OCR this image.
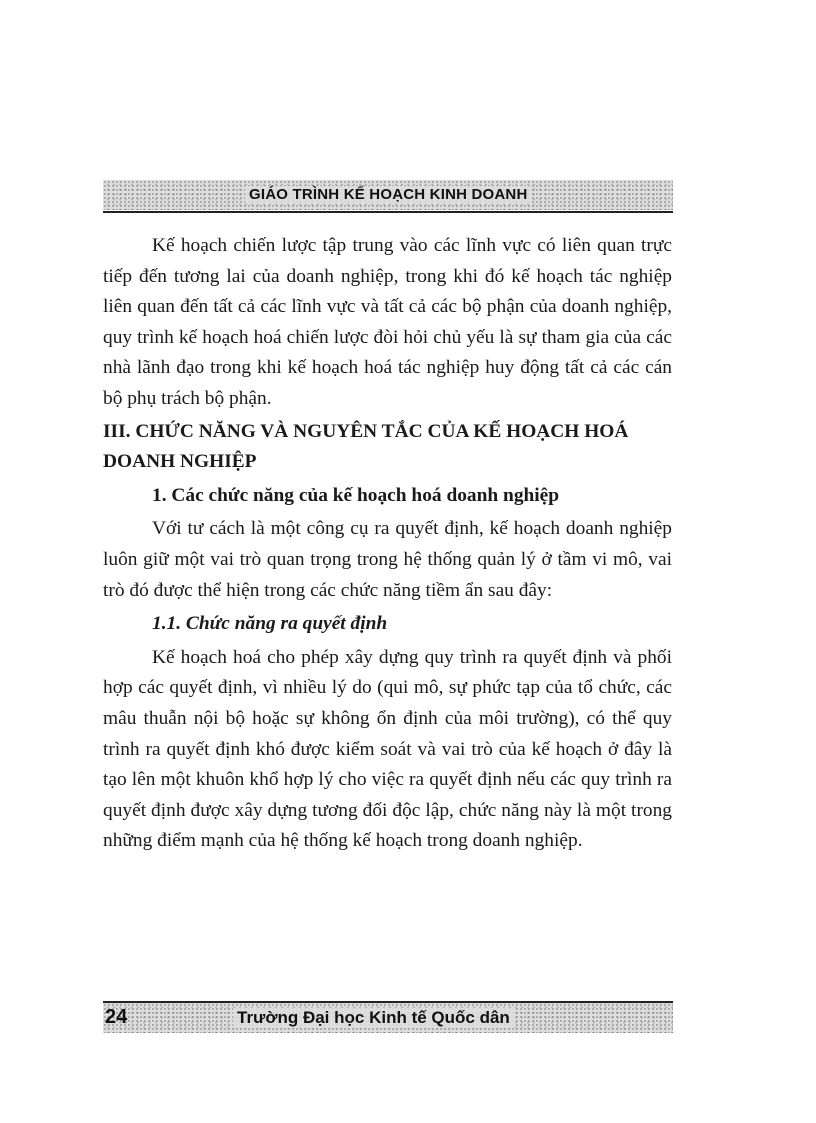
GIÁO TRÌNH KẾ HOẠCH KINH DOANH

Kế hoạch chiến lược tập trung vào các lĩnh vực có liên quan trực tiếp đến tương lai của doanh nghiệp, trong khi đó kế hoạch tác nghiệp liên quan đến tất cả các lĩnh vực và tất cả các bộ phận của doanh nghiệp, quy trình kế hoạch hoá chiến lược đòi hỏi chủ yếu là sự tham gia của các nhà lãnh đạo trong khi kế hoạch hoá tác nghiệp huy động tất cả các cán bộ phụ trách bộ phận.

III. CHỨC NĂNG VÀ NGUYÊN TẮC CỦA KẾ HOẠCH HOÁ DOANH NGHIỆP
1. Các chức năng của kế hoạch hoá doanh nghiệp

Với tư cách là một công cụ ra quyết định, kế hoạch doanh nghiệp luôn giữ một vai trò quan trọng trong hệ thống quản lý ở tầm vi mô, vai trò đó được thể hiện trong các chức năng tiềm ẩn sau đây:

1.1. Chức năng ra quyết định

Kế hoạch hoá cho phép xây dựng quy trình ra quyết định và phối hợp các quyết định, vì nhiều lý do (qui mô, sự phức tạp của tổ chức, các mâu thuẫn nội bộ hoặc sự không ổn định của môi trường), có thể quy trình ra quyết định khó được kiểm soát và vai trò của kế hoạch ở đây là tạo lên một khuôn khổ hợp lý cho việc ra quyết định nếu các quy trình ra quyết định được xây dựng tương đối độc lập, chức năng này là một trong những điểm mạnh của hệ thống kế hoạch trong doanh nghiệp.

24	Trường Đại học Kinh tế Quốc dân
